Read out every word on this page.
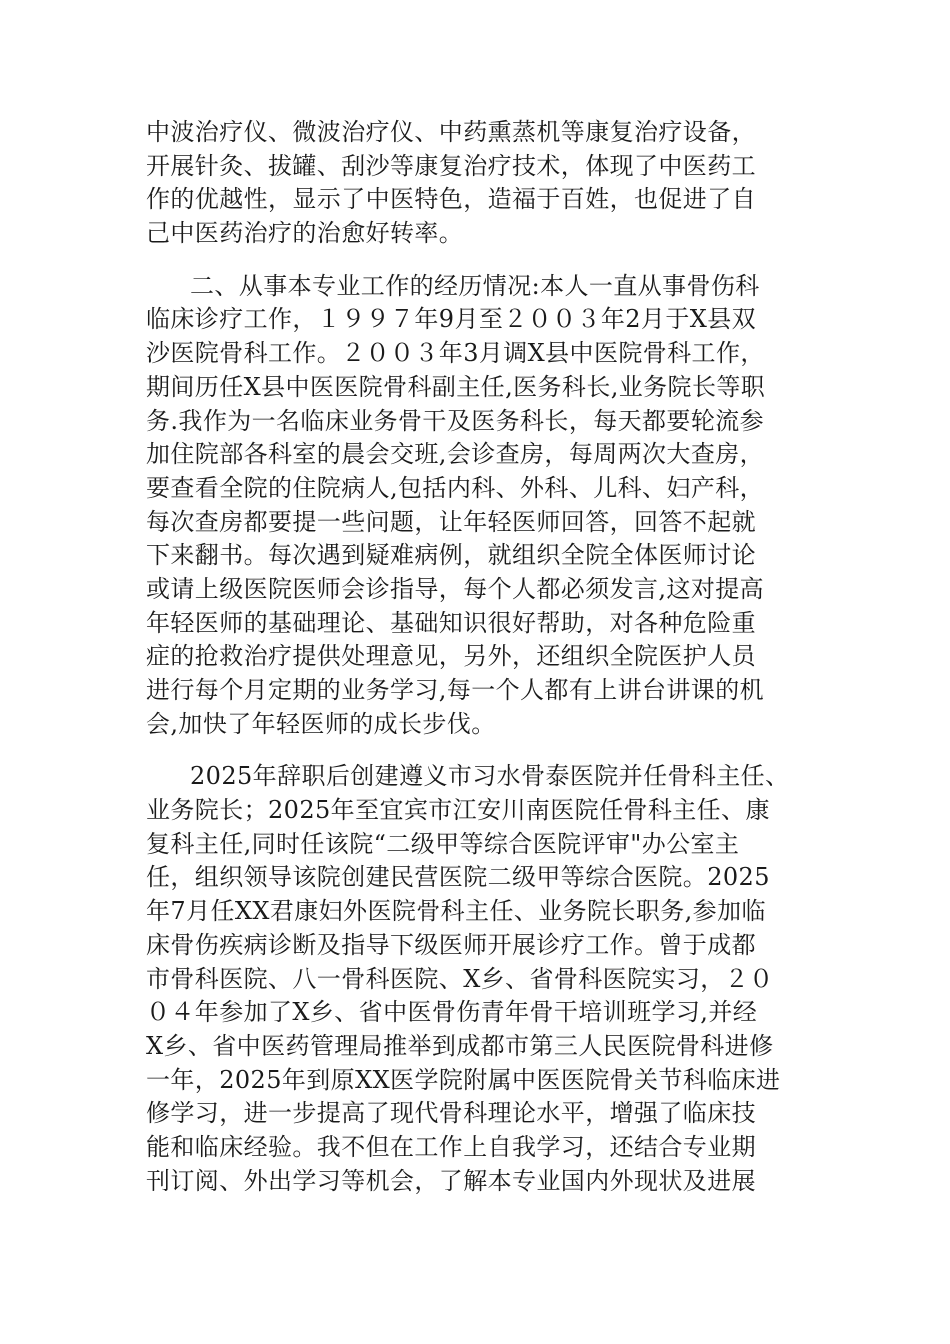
中波治疗仪、微波治疗仪、中药熏蒸机等康复治疗设备，
开展针灸、拔罐、刮沙等康复治疗技术，体现了中医药工
作的优越性，显示了中医特色，造福于百姓，也促进了自
己中医药治疗的治愈好转率。
二、从事本专业工作的经历情况:本人一直从事骨伤科
临床诊疗工作，１９９７年9月至２００３年2月于X县双
沙医院骨科工作。２００３年3月调X县中医院骨科工作，
期间历任X县中医医院骨科副主任,医务科长,业务院长等职
务.我作为一名临床业务骨干及医务科长，每天都要轮流参
加住院部各科室的晨会交班,会诊查房，每周两次大查房，
要查看全院的住院病人,包括内科、外科、儿科、妇产科，
每次查房都要提一些问题，让年轻医师回答，回答不起就
下来翻书。每次遇到疑难病例，就组织全院全体医师讨论
或请上级医院医师会诊指导，每个人都必须发言,这对提高
年轻医师的基础理论、基础知识很好帮助，对各种危险重
症的抢救治疗提供处理意见，另外，还组织全院医护人员
进行每个月定期的业务学习,每一个人都有上讲台讲课的机
会,加快了年轻医师的成长步伐。
2025年辞职后创建遵义市习水骨泰医院并任骨科主任、
业务院长；2025年至宜宾市江安川南医院任骨科主任、康
复科主任,同时任该院“二级甲等综合医院评审"办公室主
任，组织领导该院创建民营医院二级甲等综合医院。2025
年7月任XX君康妇外医院骨科主任、业务院长职务,参加临
床骨伤疾病诊断及指导下级医师开展诊疗工作。曾于成都
市骨科医院、八一骨科医院、X乡、省骨科医院实习，２０
０４年参加了X乡、省中医骨伤青年骨干培训班学习,并经
X乡、省中医药管理局推举到成都市第三人民医院骨科进修
一年，2025年到原XX医学院附属中医医院骨关节科临床进
修学习，进一步提高了现代骨科理论水平，增强了临床技
能和临床经验。我不但在工作上自我学习，还结合专业期
刊订阅、外出学习等机会，了解本专业国内外现状及进展
